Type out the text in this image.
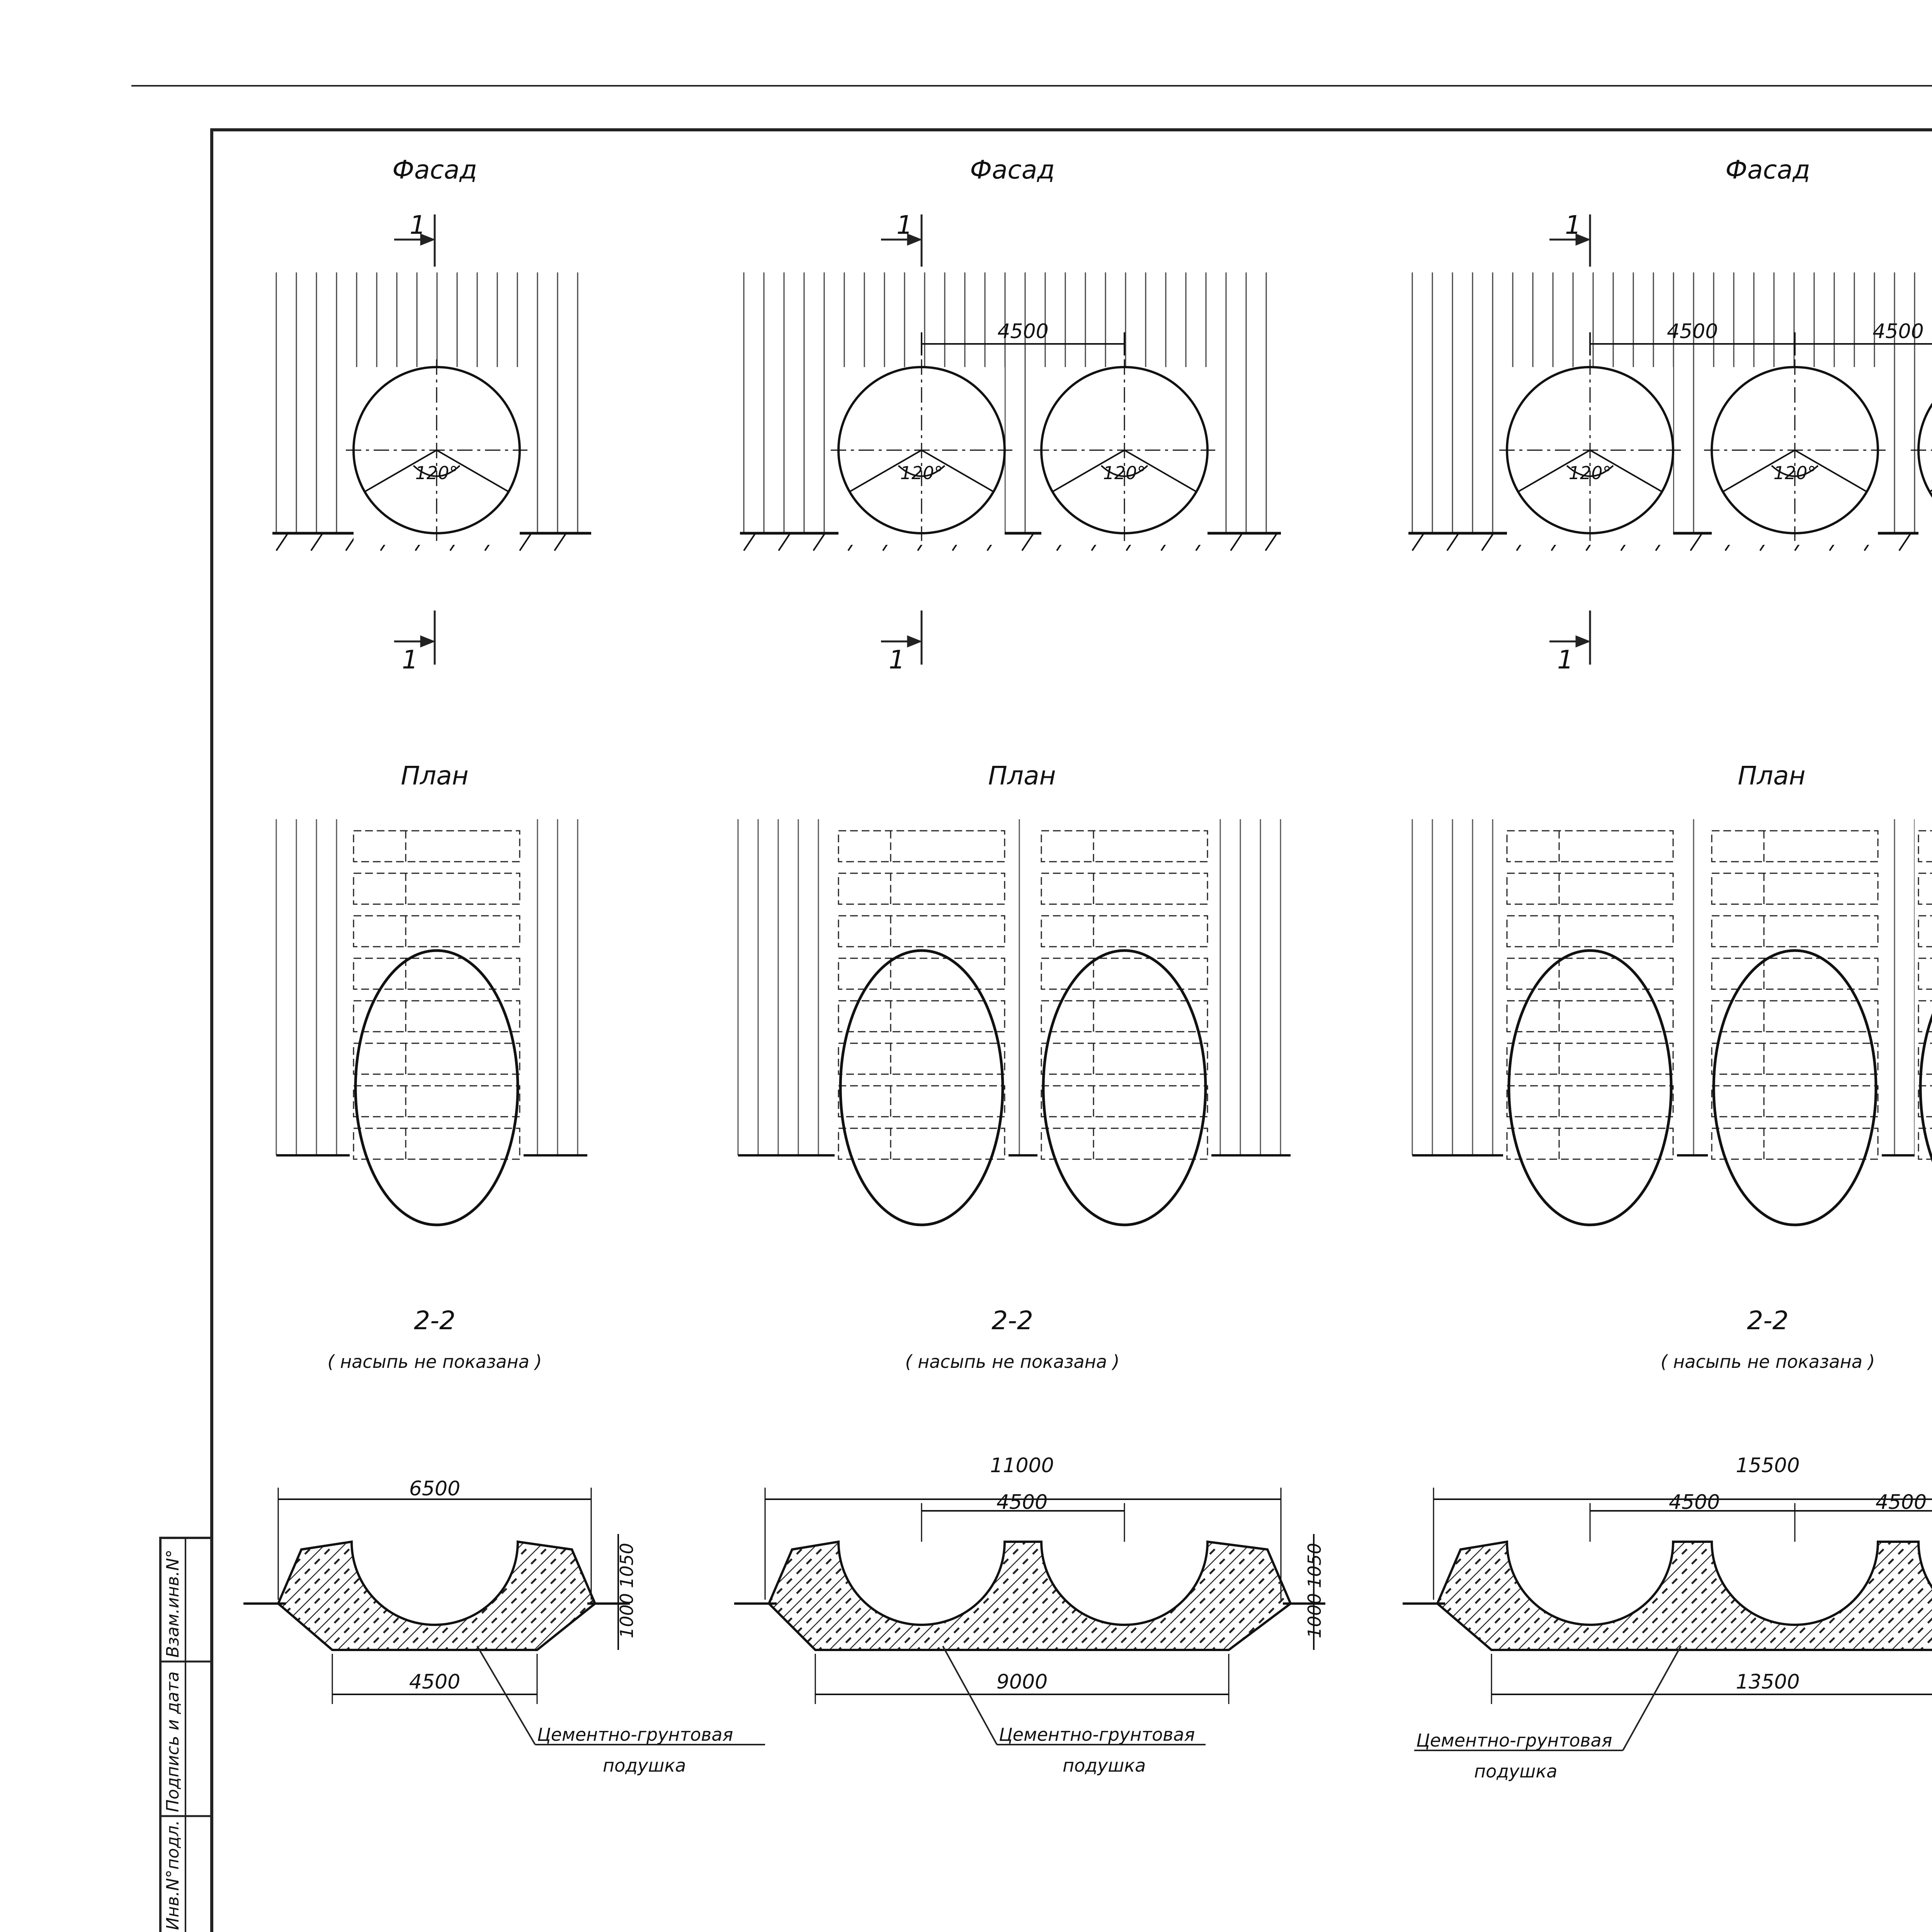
Взам.инв.N°
Подпись и дата
Инв.N°подл.
120°	120°	120°
4500
120°	120°
4500	4500
Фасад	Фасад	Фасад
1
1
1
1
1
1
План	План	План
2-2	2-2	2-2
( насыпь не показана )	( насыпь не показана )	( насыпь не показана )
6500
4500
1000
1050
11000
4500
9000
1000
1050
15500
4500	4500
13500
Цементно-грунтовая
подушка
Цементно-грунтовая
подушка
Цементно-грунтовая
подушка
